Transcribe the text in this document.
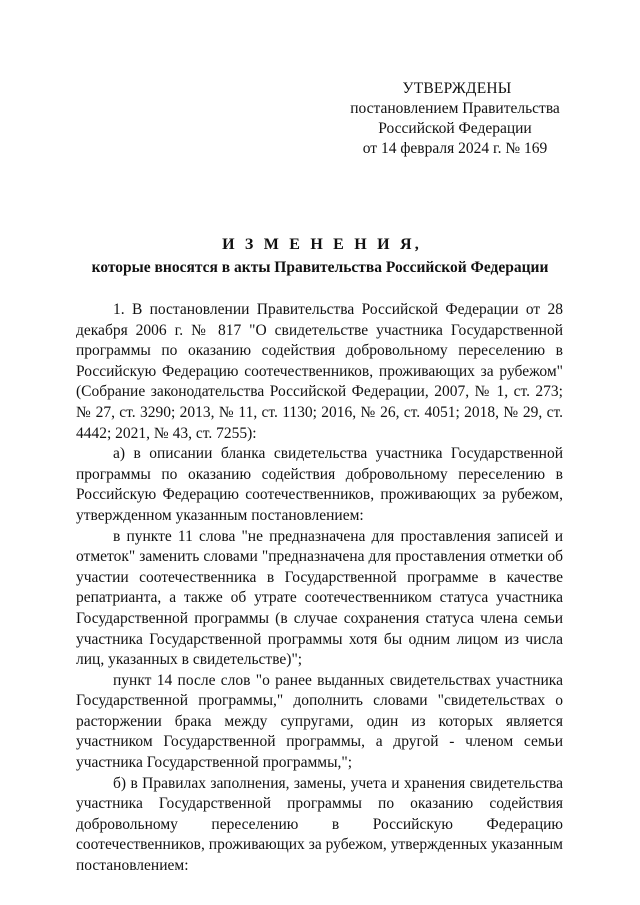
УТВЕРЖДЕНЫ
постановлением Правительства
Российской Федерации
от 14 февраля 2024 г. № 169
И З М Е Н Е Н И Я,
которые вносятся в акты Правительства Российской Федерации

1. В постановлении Правительства Российской Федерации от 28 декабря 2006 г. № 817 "О свидетельстве участника Государственной программы по оказанию содействия добровольному переселению в Российскую Федерацию соотечественников, проживающих за рубежом" (Собрание законодательства Российской Федерации, 2007, № 1, ст. 273; № 27, ст. 3290; 2013, № 11, ст. 1130; 2016, № 26, ст. 4051; 2018, № 29, ст. 4442; 2021, № 43, ст. 7255):

а) в описании бланка свидетельства участника Государственной программы по оказанию содействия добровольному переселению в Российскую Федерацию соотечественников, проживающих за рубежом, утвержденном указанным постановлением:

в пункте 11 слова "не предназначена для проставления записей и отметок" заменить словами "предназначена для проставления отметки об участии соотечественника в Государственной программе в качестве репатрианта, а также об утрате соотечественником статуса участника Государственной программы (в случае сохранения статуса члена семьи участника Государственной программы хотя бы одним лицом из числа лиц, указанных в свидетельстве)";

пункт 14 после слов "о ранее выданных свидетельствах участника Государственной программы," дополнить словами "свидетельствах о расторжении брака между супругами, один из которых является участником Государственной программы, а другой - членом семьи участника Государственной программы,";

б) в Правилах заполнения, замены, учета и хранения свидетельства участника Государственной программы по оказанию содействия добровольному переселению в Российскую Федерацию соотечественников, проживающих за рубежом, утвержденных указанным постановлением:
